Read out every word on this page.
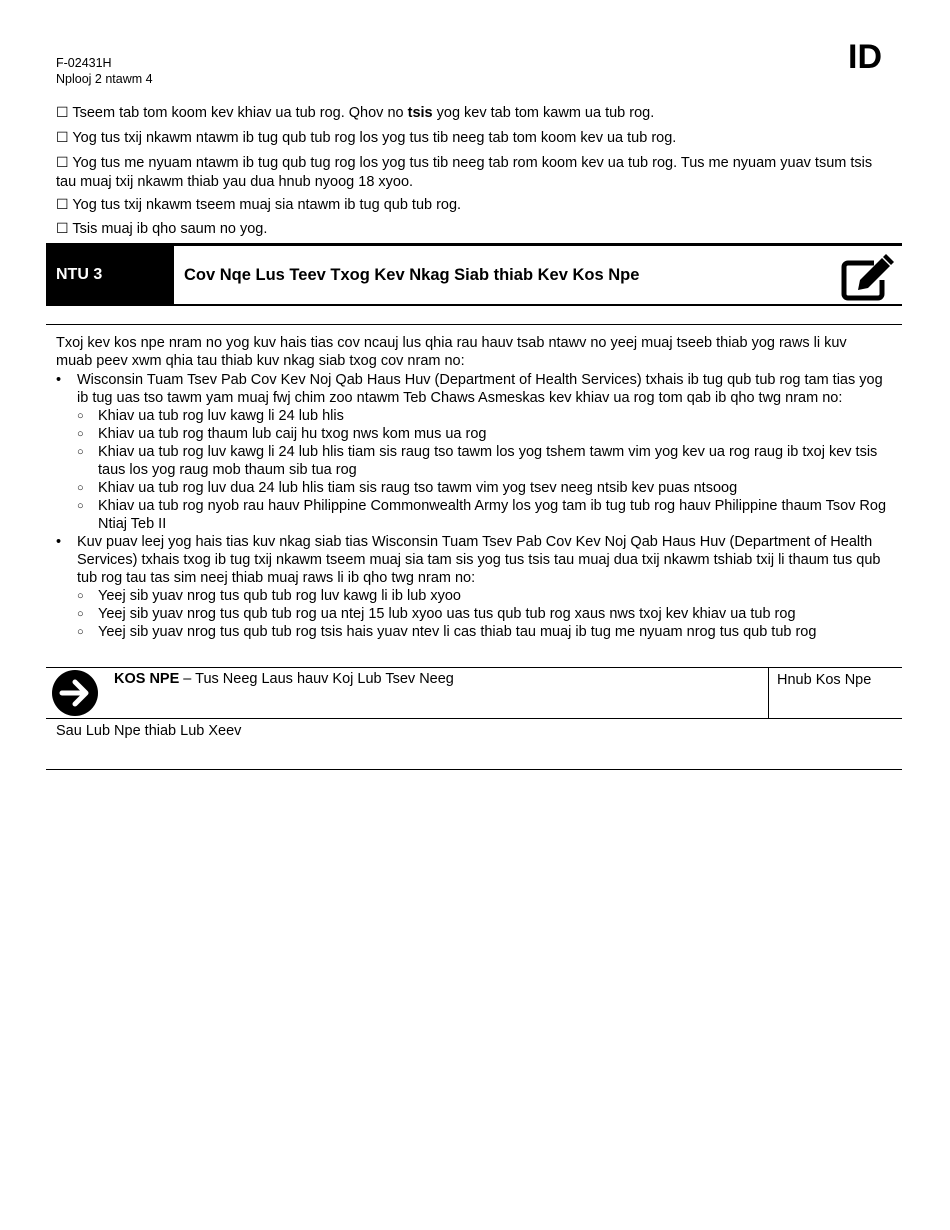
F-02431H
Nplooj 2 ntawm 4
ID
☐ Tseem tab tom koom kev khiav ua tub rog. Qhov no tsis yog kev tab tom kawm ua tub rog.
☐ Yog tus txij nkawm ntawm ib tug qub tub rog los yog tus tib neeg tab tom koom kev ua tub rog.
☐ Yog tus me nyuam ntawm ib tug qub tug rog los yog tus tib neeg tab rom koom kev ua tub rog. Tus me nyuam yuav tsum tsis tau muaj txij nkawm thiab yau dua hnub nyoog 18 xyoo.
☐ Yog tus txij nkawm tseem muaj sia ntawm ib tug qub tub rog.
☐ Tsis muaj ib qho saum no yog.
NTU 3	Cov Nqe Lus Teev Txog Kev Nkag Siab thiab Kev Kos Npe
Txoj kev kos npe nram no yog kuv hais tias cov ncauj lus qhia rau hauv tsab ntawv no yeej muaj tseeb thiab yog raws li kuv muab peev xwm qhia tau thiab kuv nkag siab txog cov nram no:
• Wisconsin Tuam Tsev Pab Cov Kev Noj Qab Haus Huv (Department of Health Services) txhais ib tug qub tub rog tam tias yog ib tug uas tso tawm yam muaj fwj chim zoo ntawm Teb Chaws Asmeskas kev khiav ua rog tom qab ib qho twg nram no:
○ Khiav ua tub rog luv kawg li 24 lub hlis
○ Khiav ua tub rog thaum lub caij hu txog nws kom mus ua rog
○ Khiav ua tub rog luv kawg li 24 lub hlis tiam sis raug tso tawm los yog tshem tawm vim yog kev ua rog raug ib txoj kev tsis taus los yog raug mob thaum sib tua rog
○ Khiav ua tub rog luv dua 24 lub hlis tiam sis raug tso tawm vim yog tsev neeg ntsib kev puas ntsoog
○ Khiav ua tub rog nyob rau hauv Philippine Commonwealth Army los yog tam ib tug tub rog hauv Philippine thaum Tsov Rog Ntiaj Teb II
• Kuv puav leej yog hais tias kuv nkag siab tias Wisconsin Tuam Tsev Pab Cov Kev Noj Qab Haus Huv (Department of Health Services) txhais txog ib tug txij nkawm tseem muaj sia tam sis yog tus tsis tau muaj dua txij nkawm tshiab txij li thaum tus qub tub rog tau tas sim neej thiab muaj raws li ib qho twg nram no:
○ Yeej sib yuav nrog tus qub tub rog luv kawg li ib lub xyoo
○ Yeej sib yuav nrog tus qub tub rog ua ntej 15 lub xyoo uas tus qub tub rog xaus nws txoj kev khiav ua tub rog
○ Yeej sib yuav nrog tus qub tub rog tsis hais yuav ntev li cas thiab tau muaj ib tug me nyuam nrog tus qub tub rog
KOS NPE – Tus Neeg Laus hauv Koj Lub Tsev Neeg	Hnub Kos Npe
Sau Lub Npe thiab Lub Xeev
